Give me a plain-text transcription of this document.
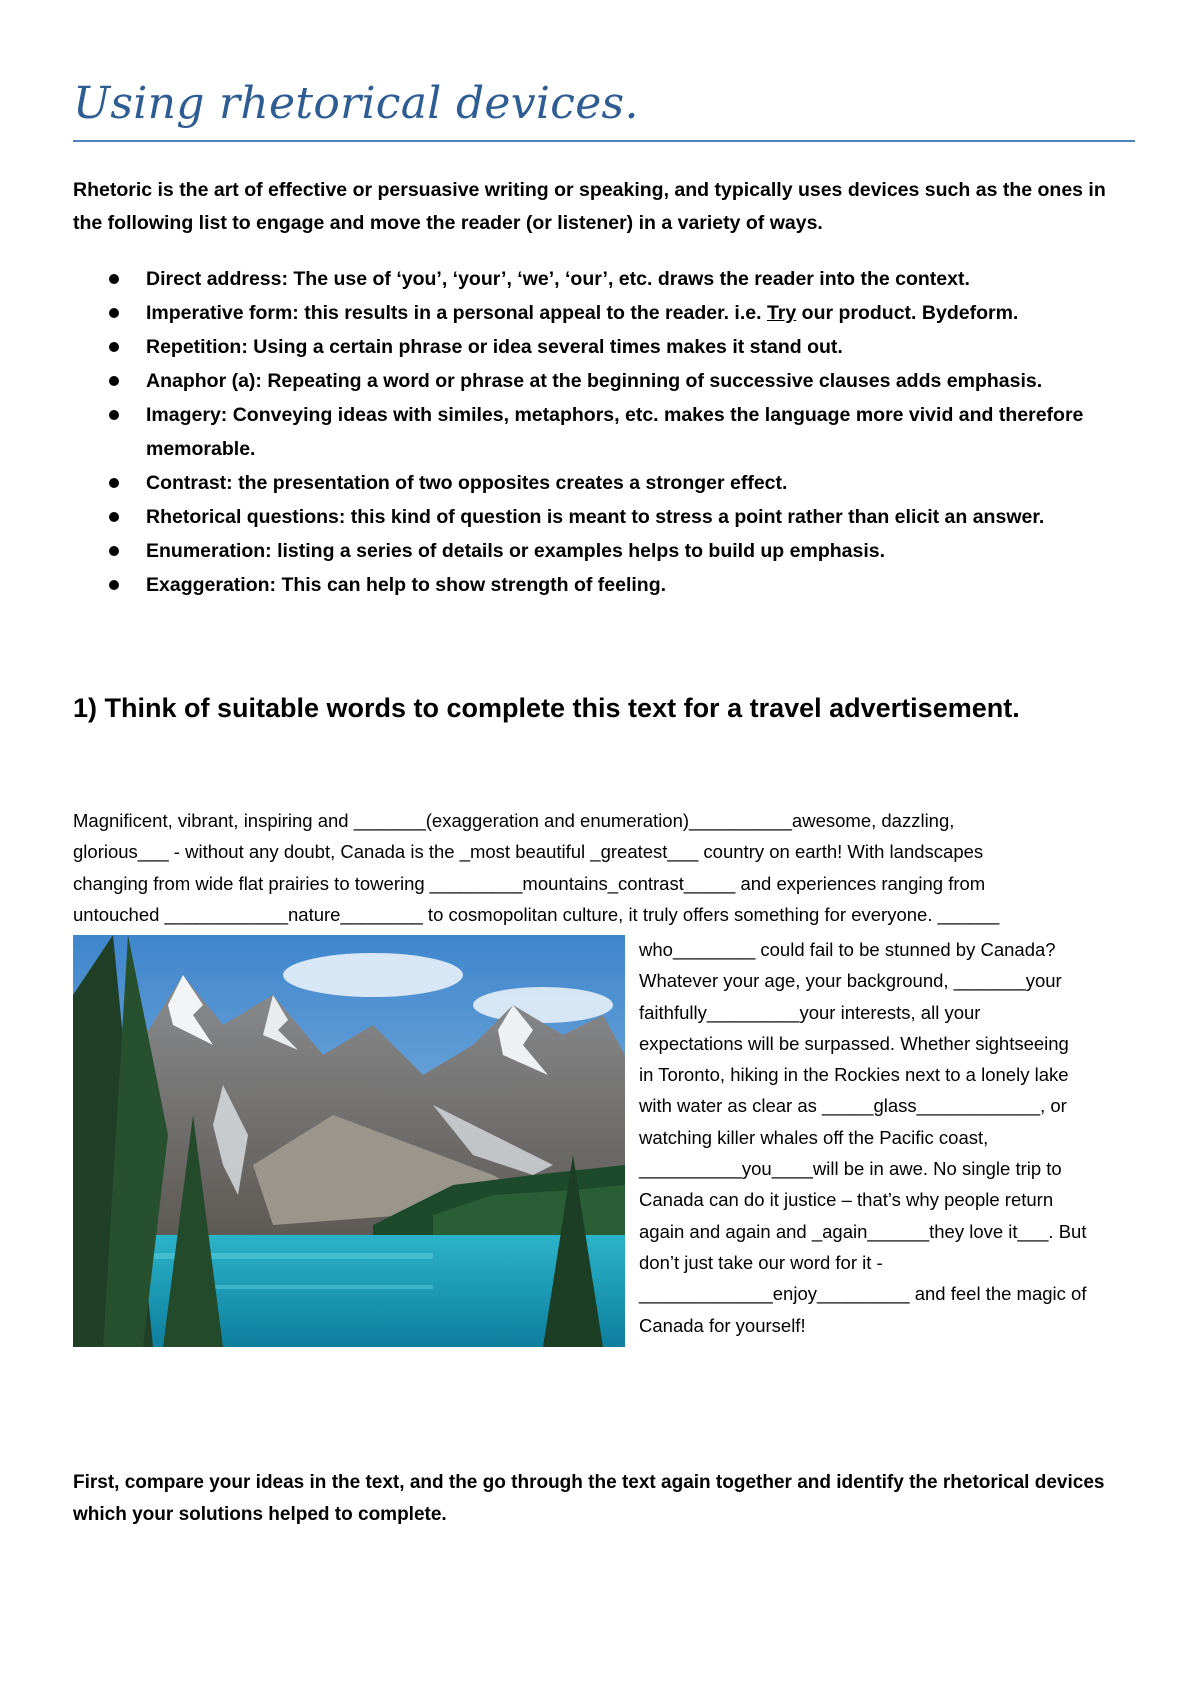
Using rhetorical devices.

Rhetoric is the art of effective or persuasive writing or speaking, and typically uses devices such as the ones in the following list to engage and move the reader (or listener) in a variety of ways.

Direct address: The use of ‘you’, ‘your’, ‘we’, ‘our’, etc. draws the reader into the context.
Imperative form: this results in a personal appeal to the reader. i.e. Try our product. Bydeform.
Repetition: Using a certain phrase or idea several times makes it stand out.
Anaphor (a): Repeating a word or phrase at the beginning of successive clauses adds emphasis.
Imagery: Conveying ideas with similes, metaphors, etc. makes the language more vivid and therefore memorable.
Contrast: the presentation of two opposites creates a stronger effect.
Rhetorical questions: this kind of question is meant to stress a point rather than elicit an answer.
Enumeration: listing a series of details or examples helps to build up emphasis.
Exaggeration: This can help to show strength of feeling.
1) Think of suitable words to complete this text for a travel advertisement.
Magnificent, vibrant, inspiring and _______(exaggeration and enumeration)__________awesome, dazzling,
glorious___ - without any doubt, Canada is the _most beautiful _greatest___ country on earth! With landscapes
changing from wide flat prairies to towering _________mountains_contrast_____ and experiences ranging from
untouched ____________nature________ to cosmopolitan culture, it truly offers something for everyone. ______
who________ could fail to be stunned by Canada?
Whatever your age, your background, _______your
faithfully_________your interests, all your
expectations will be surpassed. Whether sightseeing
in Toronto, hiking in the Rockies next to a lonely lake
with water as clear as _____glass____________, or
watching killer whales off the Pacific coast,
__________you____will be in awe. No single trip to
Canada can do it justice – that’s why people return
again and again and _again______they love it___. But
don’t just take our word for it -
_____________enjoy_________ and feel the magic of
Canada for yourself!

First, compare your ideas in the text, and the go through the text again together and identify the rhetorical devices which your solutions helped to complete.
